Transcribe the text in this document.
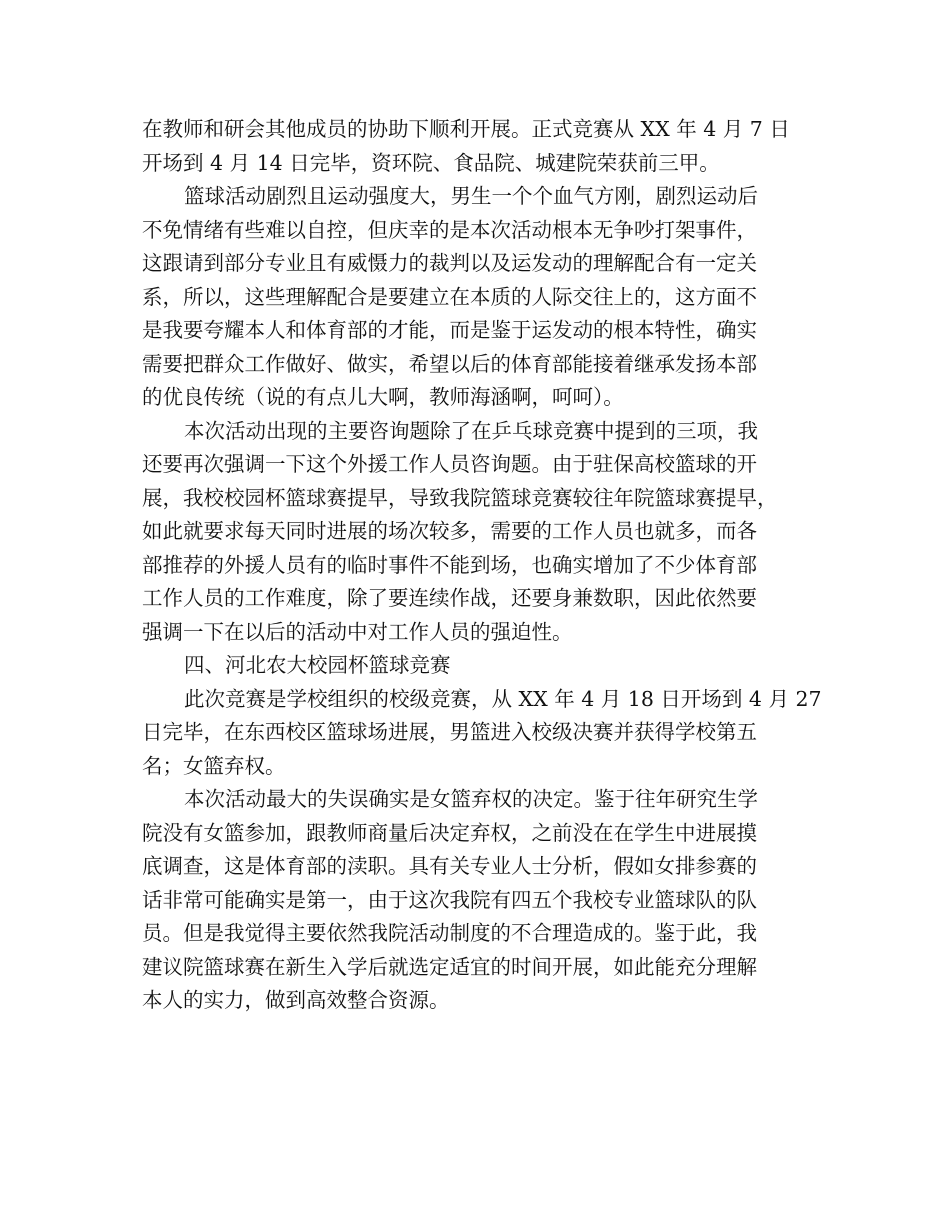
在教师和研会其他成员的协助下顺利开展。正式竞赛从 XX 年 4 月 7 日
开场到 4 月 14 日完毕，资环院、食品院、城建院荣获前三甲。
篮球活动剧烈且运动强度大，男生一个个血气方刚，剧烈运动后
不免情绪有些难以自控，但庆幸的是本次活动根本无争吵打架事件，
这跟请到部分专业且有威慑力的裁判以及运发动的理解配合有一定关
系，所以，这些理解配合是要建立在本质的人际交往上的，这方面不
是我要夸耀本人和体育部的才能，而是鉴于运发动的根本特性，确实
需要把群众工作做好、做实，希望以后的体育部能接着继承发扬本部
的优良传统（说的有点儿大啊，教师海涵啊，呵呵）。
本次活动出现的主要咨询题除了在乒乓球竞赛中提到的三项，我
还要再次强调一下这个外援工作人员咨询题。由于驻保高校篮球的开
展，我校校园杯篮球赛提早，导致我院篮球竞赛较往年院篮球赛提早，
如此就要求每天同时进展的场次较多，需要的工作人员也就多，而各
部推荐的外援人员有的临时事件不能到场，也确实增加了不少体育部
工作人员的工作难度，除了要连续作战，还要身兼数职，因此依然要
强调一下在以后的活动中对工作人员的强迫性。
四、河北农大校园杯篮球竞赛
此次竞赛是学校组织的校级竞赛，从 XX 年 4 月 18 日开场到 4 月 27
日完毕，在东西校区篮球场进展，男篮进入校级决赛并获得学校第五
名；女篮弃权。
本次活动最大的失误确实是女篮弃权的决定。鉴于往年研究生学
院没有女篮参加，跟教师商量后决定弃权，之前没在在学生中进展摸
底调查，这是体育部的渎职。具有关专业人士分析，假如女排参赛的
话非常可能确实是第一，由于这次我院有四五个我校专业篮球队的队
员。但是我觉得主要依然我院活动制度的不合理造成的。鉴于此，我
建议院篮球赛在新生入学后就选定适宜的时间开展，如此能充分理解
本人的实力，做到高效整合资源。
